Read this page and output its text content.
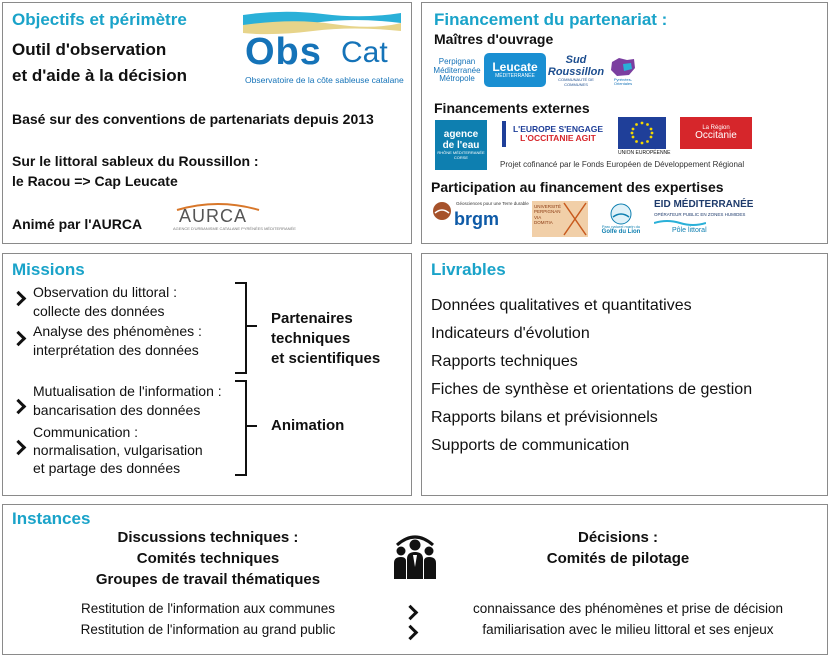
Objectifs et périmètre
Outil d'observation
et d'aide à la décision
Basé sur des conventions de partenariats depuis 2013
Sur le littoral sableux du Roussillon :
le Racou => Cap Leucate
Animé par l'AURCA
Obs Cat
Observatoire de la côte sableuse catalane
AURCA
AGENCE D'URBANISME CATALANE PYRÉNÉES MÉDITERRANÉE
Financement du partenariat :
Maîtres d'ouvrage
Perpignan Méditerranée Métropole
Leucate
MÉDITERRANÉE
Sud Roussillon
COMMUNAUTÉ DE COMMUNES
Pyrénées-Orientales
Financements externes
agence de l'eau
RHÔNE MÉDITERRANÉE CORSE
L'EUROPE S'ENGAGE
L'OCCITANIE AGIT
UNION EUROPÉENNE
La Région
Occitanie
Projet cofinancé par le Fonds Européen de Développement Régional
Participation au financement des expertises
Géosciences pour une Terre durable
brgm
UNIVERSITÉ
PERPIGNAN
VIA
DOMITIA
Parc naturel marin du
Golfe du Lion
EID MÉDITERRANÉE
OPÉRATEUR PUBLIC EN ZONES HUMIDES
Pôle littoral
Missions
Observation du littoral :
collecte des données
Analyse des phénomènes :
interprétation des données
Mutualisation de l'information :
bancarisation des données
Communication :
normalisation, vulgarisation
et partage des données
Partenaires
techniques
et scientifiques
Animation
Livrables
Données qualitatives et quantitatives
Indicateurs d'évolution
Rapports techniques
Fiches de synthèse et orientations de gestion
Rapports bilans et prévisionnels
Supports de communication
Instances
Discussions techniques :
Comités techniques
Groupes de travail thématiques
Décisions :
Comités de pilotage
Restitution de l'information aux communes	connaissance des phénomènes et prise de décision
Restitution de l'information au grand public	familiarisation avec le milieu littoral et ses enjeux
